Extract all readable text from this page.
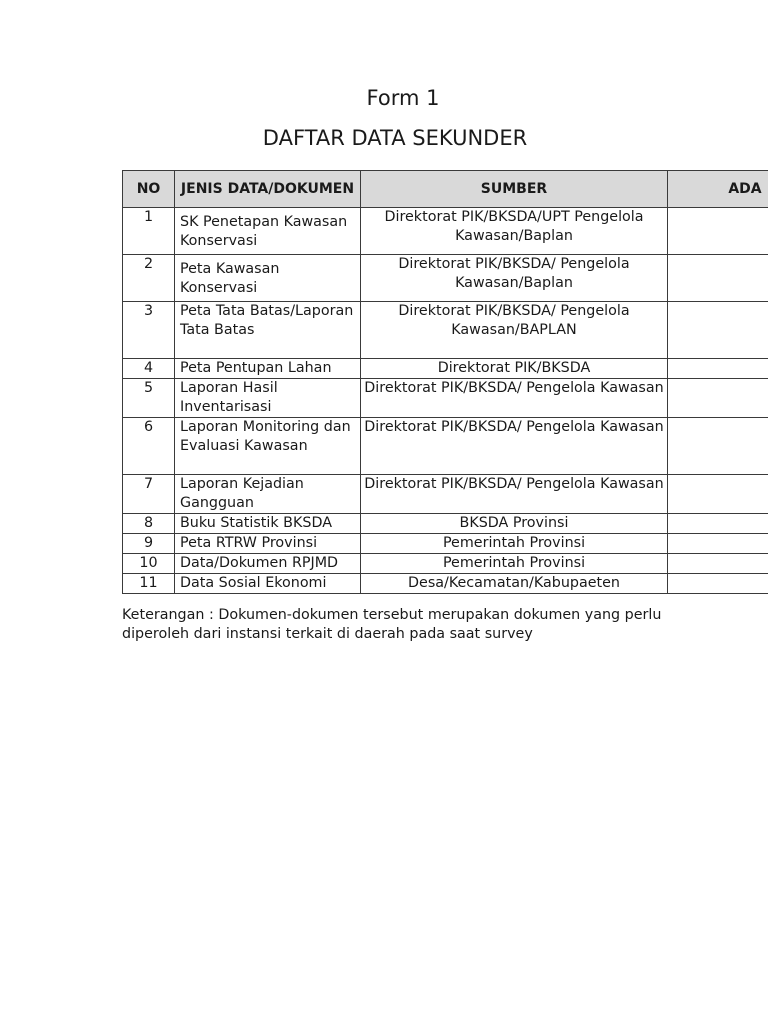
Form 1
DAFTAR DATA SEKUNDER
NO	JENIS DATA/DOKUMEN	SUMBER	ADA
1	SK Penetapan Kawasan Konservasi	Direktorat PIK/BKSDA/UPT Pengelola Kawasan/Baplan	
2	Peta Kawasan Konservasi	Direktorat PIK/BKSDA/ Pengelola Kawasan/Baplan	
3	Peta Tata Batas/Laporan Tata Batas	Direktorat PIK/BKSDA/ Pengelola Kawasan/BAPLAN	
4	Peta Pentupan Lahan	Direktorat PIK/BKSDA	
5	Laporan Hasil Inventarisasi	Direktorat PIK/BKSDA/ Pengelola Kawasan	
6	Laporan Monitoring dan Evaluasi Kawasan	Direktorat PIK/BKSDA/ Pengelola Kawasan	
7	Laporan Kejadian Gangguan	Direktorat PIK/BKSDA/ Pengelola Kawasan	
8	Buku Statistik BKSDA	BKSDA Provinsi	
9	Peta RTRW Provinsi	Pemerintah Provinsi	
10	Data/Dokumen RPJMD	Pemerintah Provinsi	
11	Data Sosial Ekonomi	Desa/Kecamatan/Kabupaeten	
Keterangan : Dokumen-dokumen tersebut merupakan dokumen yang perlu diperoleh dari instansi terkait di daerah pada saat survey
